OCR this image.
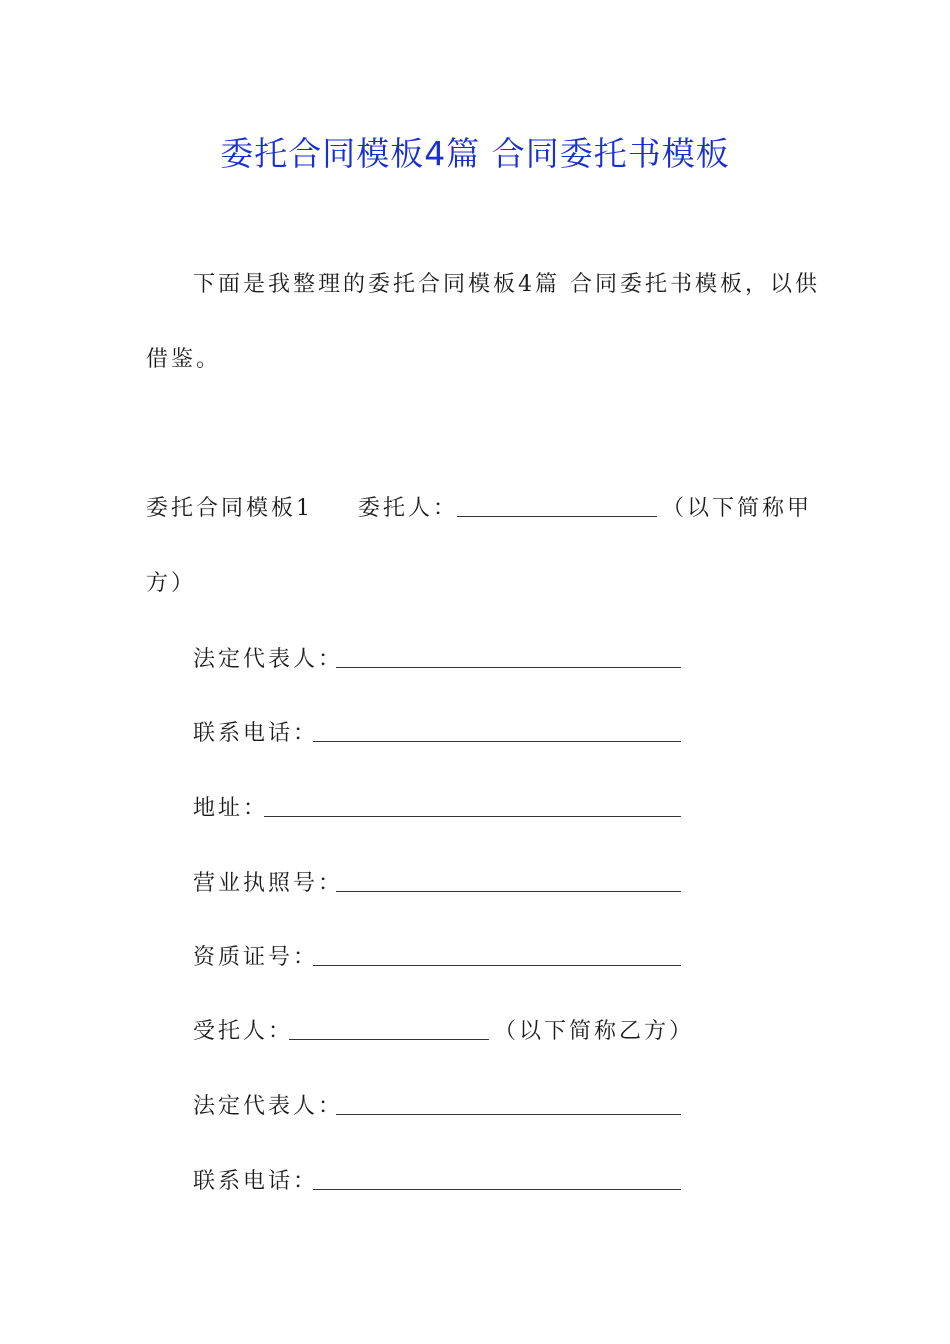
委托合同模板4篇 合同委托书模板
下面是我整理的委托合同模板4篇 合同委托书模板，以供
借鉴。
委托合同模板1 委托人：	（以下简称甲
方）
法定代表人：
联系电话：
地址：
营业执照号：
资质证号：
受托人：	（以下简称乙方）
法定代表人：
联系电话：
